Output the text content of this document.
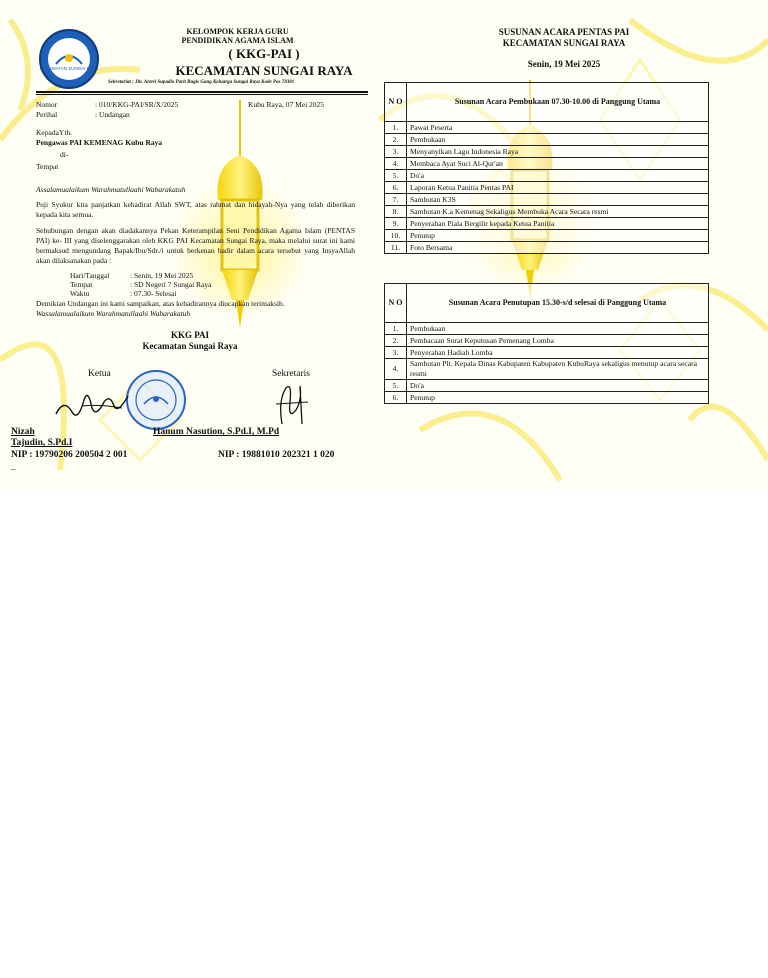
KECAMATAN SUNGAI RAYA
KELOMPOK KERJA GURU
PENDIDIKAN AGAMA ISLAM
( KKG-PAI )
KECAMATAN SUNGAI RAYA
Sekretariat : Jln. Arteri Supadio Parit Bugis Gang Keluarga Sungai Raya Kode Pos 78381
Nomor	: 010/KKG-PAI/SR/X/2025	Kubu Raya, 07 Mei 2025
Perihal	: Undangan
KepadaYth.
Pengawas PAI KEMENAG Kubu Raya
di-
Tempat
Assalamualaikum Warahmatullaahi Wabarakatuh
Puji Syukur kita panjatkan kehadirat Allah SWT, atas rahmat dan hidayah-Nya yang telah diberikan kepada kita semua.
Sehubungan dengan akan diadakannya Pekan Keterampilan Seni Pendidikan Agama Islam (PENTAS PAI) ke- III yang diselenggarakan oleh KKG PAI Kecamatan Sungai Raya, maka melalui surat ini kami bermaksud mengundang Bapak/Ibu/Sdr./i untuk berkenan hadir dalam acara tersebut yang InsyaAllah akan dilaksanakan pada :
Hari/Tanggal	: Senin, 19 Mei 2025
Tempat	: SD Negeri 7 Sungai Raya
Waktu	: 07.30- Selesai
Demikian Undangan ini kami sampaikan, atas kehadirannya diucapkan terimaksih.
Wassalamualaikum Warahmatullaahi Wabarakatuh
KKG PAI
Kecamatan Sungai Raya
Ketua	Sekretaris
Nizah	Hanum Nasution, S.Pd.I, M.Pd
Tajudin, S.Pd.I
NIP : 19790206 200504 2 001	NIP : 19881010 202321 1 020
_
SUSUNAN ACARA PENTAS PAI
KECAMATAN SUNGAI RAYA
Senin, 19 Mei 2025
N O	Susunan Acara Pembukaan 07.30-10.00 di Panggung Utama
1.	Pawai Peserta
2.	Pembukaan
3.	Menyanyikan Lagu Indonesia Raya
4.	Membaca Ayat Suci Al-Qur'an
5.	Do'a
6.	Laporan Ketua Panitia Pentas PAI
7.	Sambutan K3S
8.	Sambutan K.a Kemenag Sekaligus Membuka Acara Secara resmi
9.	Penyerahan Piala Bergilir kepada Ketua Panitia
10.	Penutup
11.	Foto Bersama
N O	Susunan Acara Penutupan 15.30-s/d selesai di Panggung Utama
1.	Pembukaan
2.	Pembacaan Surat Keputusan Pemenang Lomba
3.	Penyerahan Hadiah Lomba
4.	Sambutan Plt. Kepala Dinas Kabupaten Kabupaten KubuRaya sekaligus menutup acara secara resmi
5.	Do'a
6.	Penutup
